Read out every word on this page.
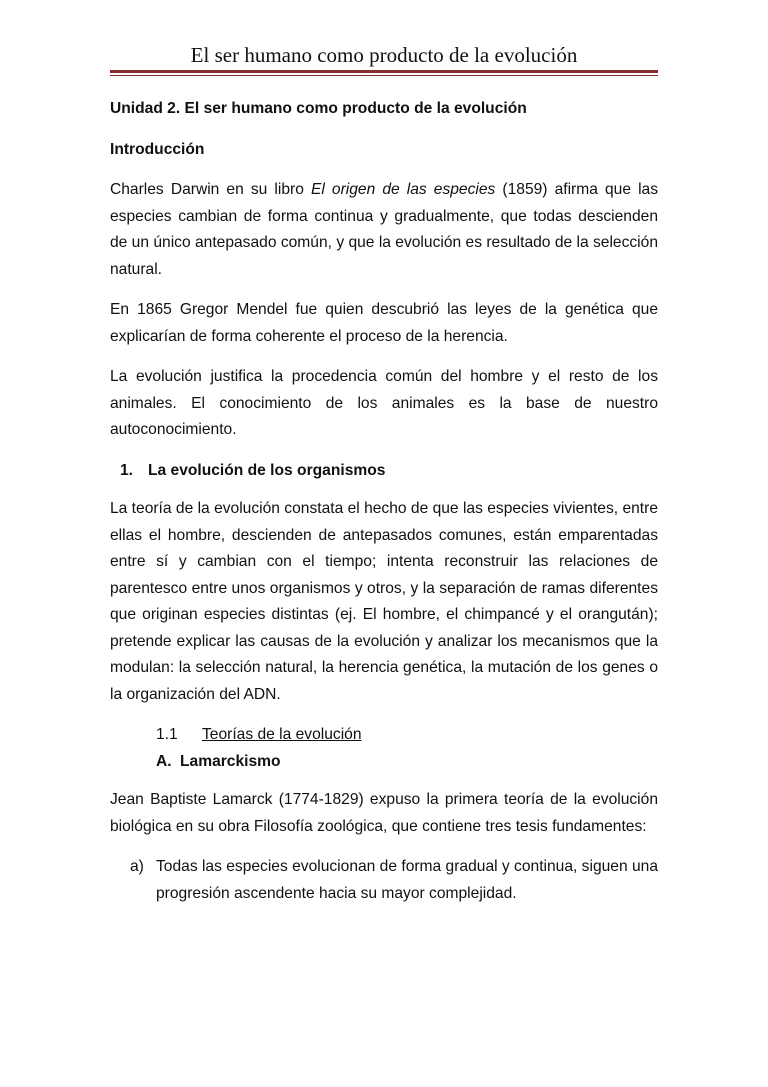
El ser humano como producto de la evolución
Unidad 2. El ser humano como producto de la evolución
Introducción

Charles Darwin en su libro El origen de las especies (1859) afirma que las especies cambian de forma continua y gradualmente, que todas descienden de un único antepasado común, y que la evolución es resultado de la selección natural.

En 1865 Gregor Mendel fue quien descubrió las leyes de la genética que explicarían de forma coherente el proceso de la herencia.

La evolución justifica la procedencia común del hombre y el resto de los animales. El conocimiento de los animales es la base de nuestro autoconocimiento.

1. La evolución de los organismos

La teoría de la evolución constata el hecho de que las especies vivientes, entre ellas el hombre, descienden de antepasados comunes, están emparentadas entre sí y cambian con el tiempo; intenta reconstruir las relaciones de parentesco entre unos organismos y otros, y la separación de ramas diferentes que originan especies distintas (ej. El hombre, el chimpancé y el orangután); pretende explicar las causas de la evolución y analizar los mecanismos que la modulan: la selección natural, la herencia genética, la mutación de los genes o la organización del ADN.

1.1 Teorías de la evolución
A. Lamarckismo

Jean Baptiste Lamarck (1774-1829) expuso la primera teoría de la evolución biológica en su obra Filosofía zoológica, que contiene tres tesis fundamentes:

a) Todas las especies evolucionan de forma gradual y continua, siguen una progresión ascendente hacia su mayor complejidad.
